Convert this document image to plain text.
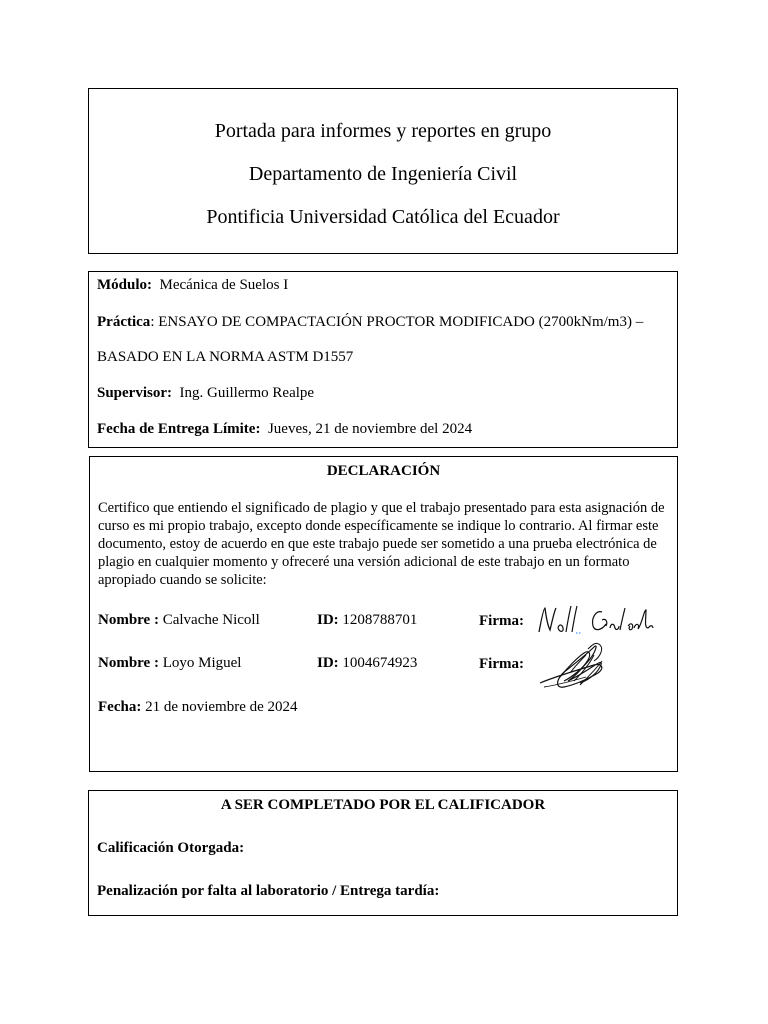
Portada para informes y reportes en grupo
Departamento de Ingeniería Civil
Pontificia Universidad Católica del Ecuador
Módulo: Mecánica de Suelos I
Práctica: ENSAYO DE COMPACTACIÓN PROCTOR MODIFICADO (2700kNm/m3) –
BASADO EN LA NORMA ASTM D1557
Supervisor: Ing. Guillermo Realpe
Fecha de Entrega Límite: Jueves, 21 de noviembre del 2024
DECLARACIÓN
Certifico que entiendo el significado de plagio y que el trabajo presentado para esta asignación de curso es mi propio trabajo, excepto donde específicamente se indique lo contrario. Al firmar este documento, estoy de acuerdo en que este trabajo puede ser sometido a una prueba electrónica de plagio en cualquier momento y ofreceré una versión adicional de este trabajo en un formato apropiado cuando se solicite:
Nombre : Calvache Nicoll	ID: 1208788701	Firma:
Nombre : Loyo Miguel	ID: 1004674923	Firma:
Fecha: 21 de noviembre de 2024
A SER COMPLETADO POR EL CALIFICADOR
Calificación Otorgada:
Penalización por falta al laboratorio / Entrega tardía:
